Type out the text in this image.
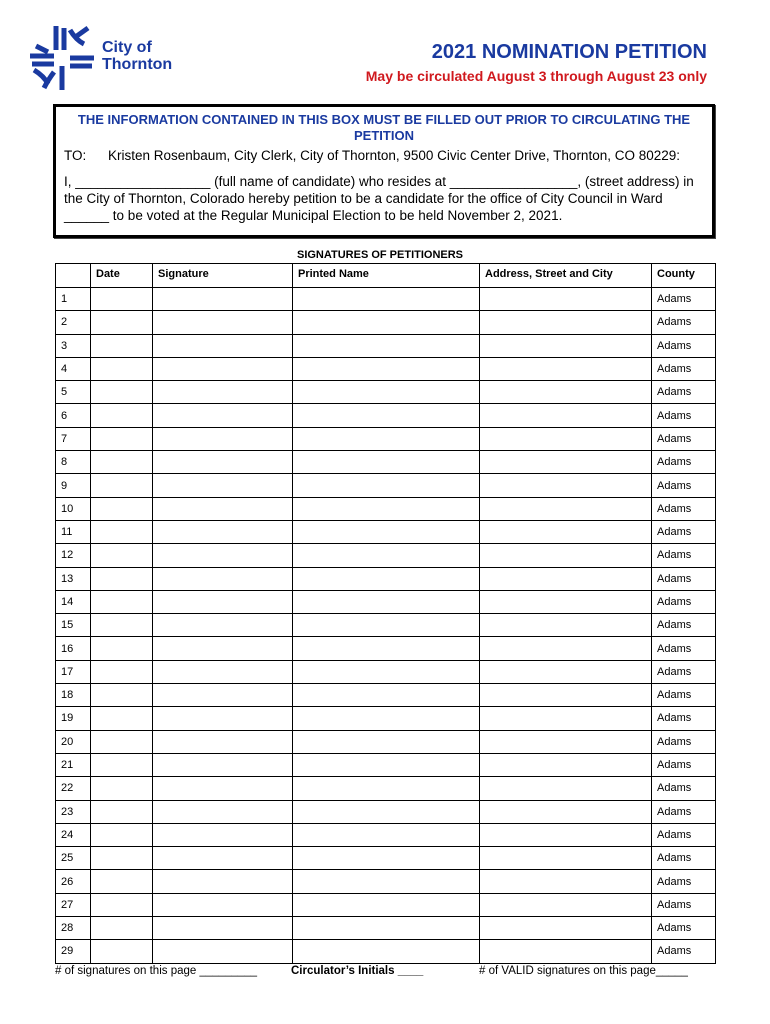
City of
Thornton
2021 NOMINATION PETITION
May be circulated August 3 through August 23 only
THE INFORMATION CONTAINED IN THIS BOX MUST BE FILLED OUT PRIOR TO CIRCULATING THE PETITION
TO:	Kristen Rosenbaum, City Clerk, City of Thornton, 9500 Civic Center Drive, Thornton, CO 80229:
I, __________________ (full name of candidate) who resides at _________________, (street address) in the City of Thornton, Colorado hereby petition to be a candidate for the office of City Council in Ward ______ to be voted at the Regular Municipal Election to be held November 2, 2021.
SIGNATURES OF PETITIONERS
	Date	Signature	Printed Name	Address, Street and City	County
1					Adams
2					Adams
3					Adams
4					Adams
5					Adams
6					Adams
7					Adams
8					Adams
9					Adams
10					Adams
11					Adams
12					Adams
13					Adams
14					Adams
15					Adams
16					Adams
17					Adams
18					Adams
19					Adams
20					Adams
21					Adams
22					Adams
23					Adams
24					Adams
25					Adams
26					Adams
27					Adams
28					Adams
29					Adams
# of signatures on this page _________	Circulator’s Initials ____	# of VALID signatures on this page_____
